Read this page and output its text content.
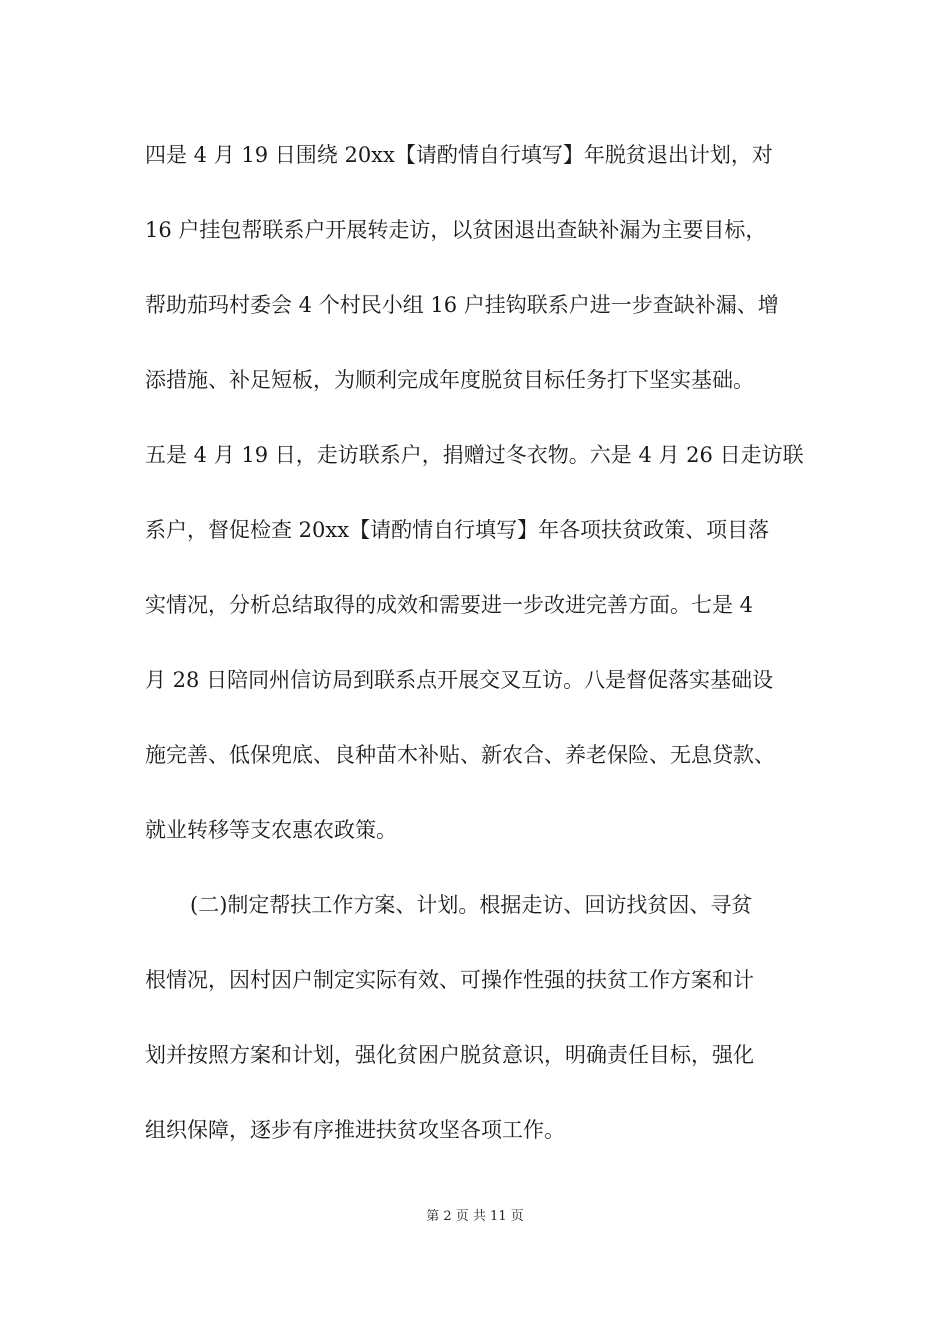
四是 4 月 19 日围绕 20xx【请酌情自行填写】年脱贫退出计划，对
16 户挂包帮联系户开展转走访，以贫困退出查缺补漏为主要目标，
帮助茄玛村委会 4 个村民小组 16 户挂钩联系户进一步查缺补漏、增
添措施、补足短板，为顺利完成年度脱贫目标任务打下坚实基础。
五是 4 月 19 日，走访联系户，捐赠过冬衣物。六是 4 月 26 日走访联
系户，督促检查 20xx【请酌情自行填写】年各项扶贫政策、项目落
实情况，分析总结取得的成效和需要进一步改进完善方面。七是 4
月 28 日陪同州信访局到联系点开展交叉互访。八是督促落实基础设
施完善、低保兜底、良种苗木补贴、新农合、养老保险、无息贷款、
就业转移等支农惠农政策。
(二)制定帮扶工作方案、计划。根据走访、回访找贫因、寻贫
根情况，因村因户制定实际有效、可操作性强的扶贫工作方案和计
划并按照方案和计划，强化贫困户脱贫意识，明确责任目标，强化
组织保障，逐步有序推进扶贫攻坚各项工作。
第 2 页 共 11 页
